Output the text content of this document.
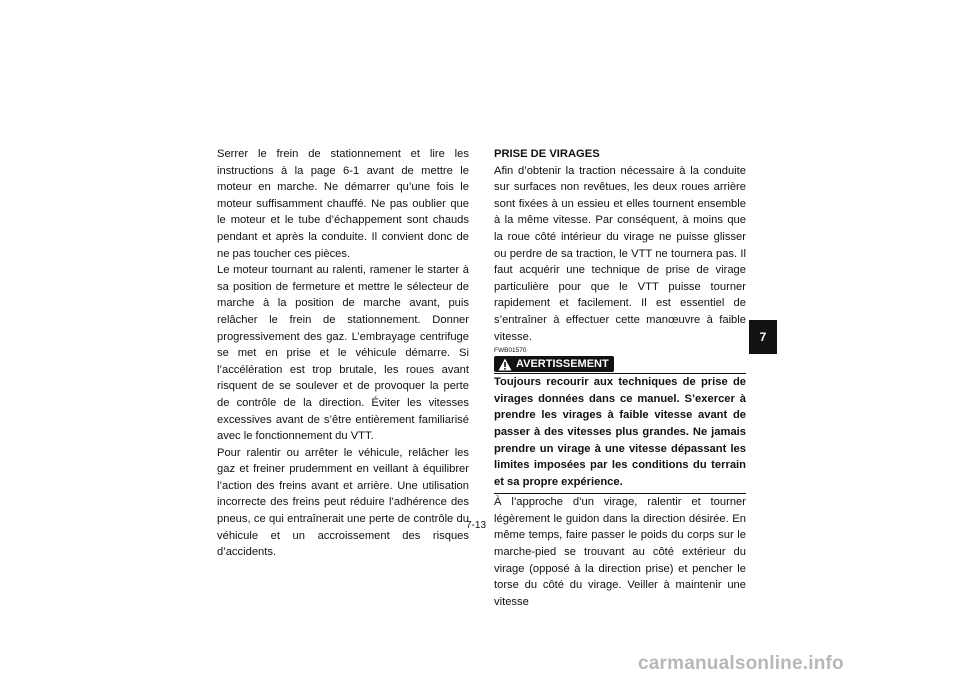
Serrer le frein de stationnement et lire les instructions à la page 6-1 avant de mettre le moteur en marche. Ne démarrer qu’une fois le moteur suffisamment chauffé. Ne pas oublier que le moteur et le tube d’échappement sont chauds pendant et après la conduite. Il convient donc de ne pas toucher ces pièces.

Le moteur tournant au ralenti, ramener le starter à sa position de fermeture et mettre le sélecteur de marche à la position de marche avant, puis relâcher le frein de stationnement. Donner progressivement des gaz. L’embrayage centrifuge se met en prise et le véhicule démarre. Si l’accélération est trop brutale, les roues avant risquent de se soulever et de provoquer la perte de contrôle de la direction. Éviter les vitesses excessives avant de s’être entièrement familiarisé avec le fonctionnement du VTT.

Pour ralentir ou arrêter le véhicule, relâcher les gaz et freiner prudemment en veillant à équilibrer l’action des freins avant et arrière. Une utilisation incorrecte des freins peut réduire l’adhérence des pneus, ce qui entraînerait une perte de contrôle du véhicule et un accroissement des risques d’accidents.

PRISE DE VIRAGES

Afin d’obtenir la traction nécessaire à la conduite sur surfaces non revêtues, les deux roues arrière sont fixées à un essieu et elles tournent ensemble à la même vitesse. Par conséquent, à moins que la roue côté intérieur du virage ne puisse glisser ou perdre de sa traction, le VTT ne tournera pas. Il faut acquérir une technique de prise de virage particulière pour que le VTT puisse tourner rapidement et facilement. Il est essentiel de s’entraîner à effectuer cette manœuvre à faible vitesse.

FWB01570
AVERTISSEMENT

Toujours recourir aux techniques de prise de virages données dans ce manuel. S’exercer à prendre les virages à faible vitesse avant de passer à des vitesses plus grandes. Ne jamais prendre un virage à une vitesse dépassant les limites imposées par les conditions du terrain et sa propre expérience.

À l’approche d’un virage, ralentir et tourner légèrement le guidon dans la direction désirée. En même temps, faire passer le poids du corps sur le marche-pied se trouvant au côté extérieur du virage (opposé à la direction prise) et pencher le torse du côté du virage. Veiller à maintenir une vitesse

7-13
7
carmanualsonline.info
